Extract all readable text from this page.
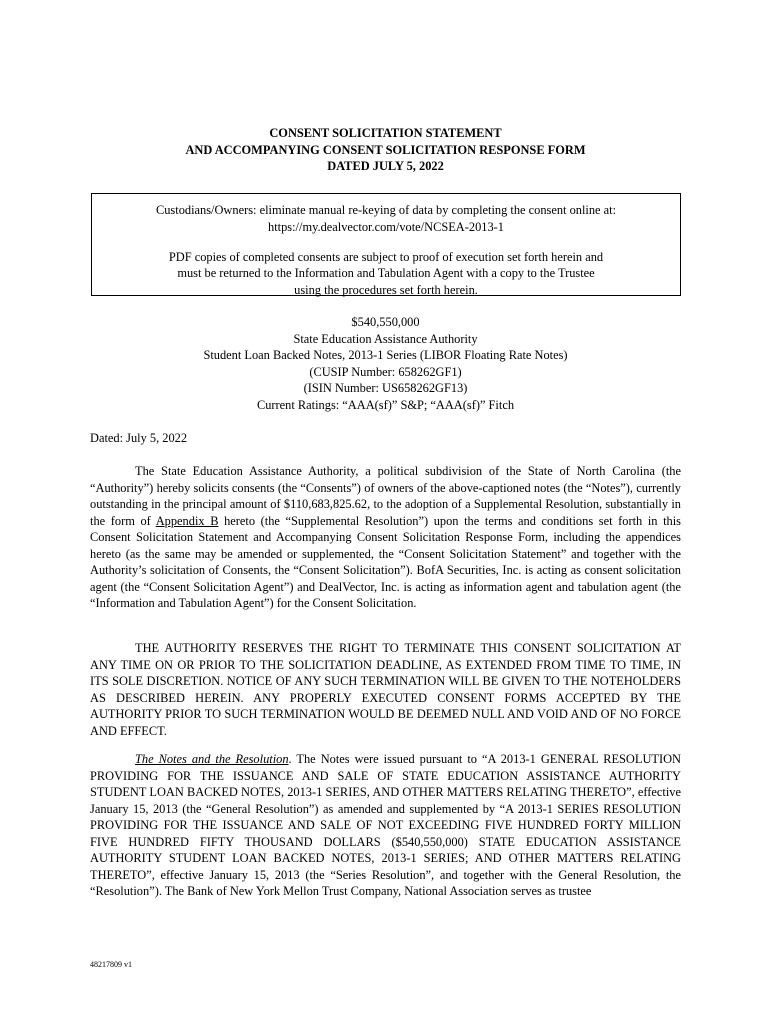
CONSENT SOLICITATION STATEMENT
AND ACCOMPANYING CONSENT SOLICITATION RESPONSE FORM
DATED JULY 5, 2022

Custodians/Owners: eliminate manual re-keying of data by completing the consent online at:

https://my.dealvector.com/vote/NCSEA-2013-1

PDF copies of completed consents are subject to proof of execution set forth herein and

must be returned to the Information and Tabulation Agent with a copy to the Trustee

using the procedures set forth herein.

$540,550,000
State Education Assistance Authority
Student Loan Backed Notes, 2013-1 Series (LIBOR Floating Rate Notes)
(CUSIP Number: 658262GF1)
(ISIN Number: US658262GF13)
Current Ratings: “AAA(sf)” S&P; “AAA(sf)” Fitch
Dated: July 5, 2022

The State Education Assistance Authority, a political subdivision of the State of North Carolina (the “Authority”) hereby solicits consents (the “Consents”) of owners of the above-captioned notes (the “Notes”), currently outstanding in the principal amount of $110,683,825.62, to the adoption of a Supplemental Resolution, substantially in the form of Appendix B hereto (the “Supplemental Resolution”) upon the terms and conditions set forth in this Consent Solicitation Statement and Accompanying Consent Solicitation Response Form, including the appendices hereto (as the same may be amended or supplemented, the “Consent Solicitation Statement” and together with the Authority’s solicitation of Consents, the “Consent Solicitation”). BofA Securities, Inc. is acting as consent solicitation agent (the “Consent Solicitation Agent”) and DealVector, Inc. is acting as information agent and tabulation agent (the “Information and Tabulation Agent”) for the Consent Solicitation.

THE AUTHORITY RESERVES THE RIGHT TO TERMINATE THIS CONSENT SOLICITATION AT ANY TIME ON OR PRIOR TO THE SOLICITATION DEADLINE, AS EXTENDED FROM TIME TO TIME, IN ITS SOLE DISCRETION. NOTICE OF ANY SUCH TERMINATION WILL BE GIVEN TO THE NOTEHOLDERS AS DESCRIBED HEREIN. ANY PROPERLY EXECUTED CONSENT FORMS ACCEPTED BY THE AUTHORITY PRIOR TO SUCH TERMINATION WOULD BE DEEMED NULL AND VOID AND OF NO FORCE AND EFFECT.

The Notes and the Resolution. The Notes were issued pursuant to “A 2013-1 GENERAL RESOLUTION PROVIDING FOR THE ISSUANCE AND SALE OF STATE EDUCATION ASSISTANCE AUTHORITY STUDENT LOAN BACKED NOTES, 2013-1 SERIES, AND OTHER MATTERS RELATING THERETO”, effective January 15, 2013 (the “General Resolution”) as amended and supplemented by “A 2013-1 SERIES RESOLUTION PROVIDING FOR THE ISSUANCE AND SALE OF NOT EXCEEDING FIVE HUNDRED FORTY MILLION FIVE HUNDRED FIFTY THOUSAND DOLLARS ($540,550,000) STATE EDUCATION ASSISTANCE AUTHORITY STUDENT LOAN BACKED NOTES, 2013-1 SERIES; AND OTHER MATTERS RELATING THERETO”, effective January 15, 2013 (the “Series Resolution”, and together with the General Resolution, the “Resolution”). The Bank of New York Mellon Trust Company, National Association serves as trustee

48217809 v1
